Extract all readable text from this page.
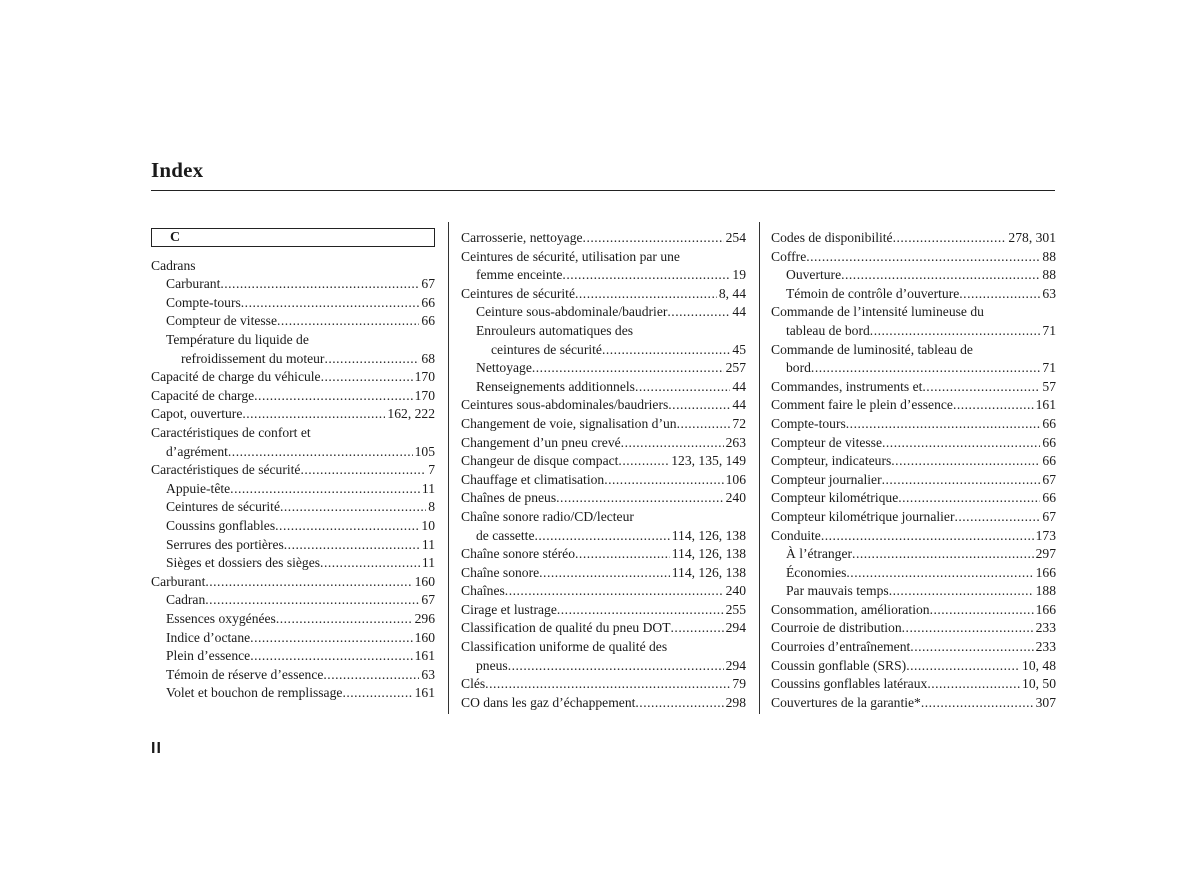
Index
C
Cadrans
Carburant .....	67
Compte-tours .....	66
Compteur de vitesse .....	66
Température du liquide de
refroidissement du moteur .....	68
Capacité de charge du véhicule .....	170
Capacité de charge .....	170
Capot, ouverture .....	162, 222
Caractéristiques de confort et
d’agrément .....	105
Caractéristiques de sécurité .....	7
Appuie-tête .....	11
Ceintures de sécurité .....	8
Coussins gonflables .....	10
Serrures des portières .....	11
Sièges et dossiers des sièges .....	11
Carburant .....	160
Cadran .....	67
Essences oxygénées .....	296
Indice d’octane .....	160
Plein d’essence .....	161
Témoin de réserve d’essence .....	63
Volet et bouchon de remplissage .....	161
Carrosserie, nettoyage .....	254
Ceintures de sécurité, utilisation par une
femme enceinte .....	19
Ceintures de sécurité .....	8, 44
Ceinture sous-abdominale/baudrier .....	44
Enrouleurs automatiques des
ceintures de sécurité .....	45
Nettoyage .....	257
Renseignements additionnels .....	44
Ceintures sous-abdominales/baudriers .....	44
Changement de voie, signalisation d’un .....	72
Changement d’un pneu crevé .....	263
Changeur de disque compact .....	123, 135, 149
Chauffage et climatisation .....	106
Chaînes de pneus .....	240
Chaîne sonore radio/CD/lecteur
de cassette .....	114, 126, 138
Chaîne sonore stéréo .....	114, 126, 138
Chaîne sonore .....	114, 126, 138
Chaînes .....	240
Cirage et lustrage .....	255
Classification de qualité du pneu DOT .....	294
Classification uniforme de qualité des
pneus .....	294
Clés .....	79
CO dans les gaz d’échappement .....	298
Codes de disponibilité .....	278, 301
Coffre .....	88
Ouverture .....	88
Témoin de contrôle d’ouverture .....	63
Commande de l’intensité lumineuse du
tableau de bord .....	71
Commande de luminosité, tableau de
bord .....	71
Commandes, instruments et .....	57
Comment faire le plein d’essence .....	161
Compte-tours .....	66
Compteur de vitesse .....	66
Compteur, indicateurs .....	66
Compteur journalier .....	67
Compteur kilométrique .....	66
Compteur kilométrique journalier .....	67
Conduite .....	173
À l’étranger .....	297
Économies .....	166
Par mauvais temps .....	188
Consommation, amélioration .....	166
Courroie de distribution .....	233
Courroies d’entraînement .....	233
Coussin gonflable (SRS) .....	10, 48
Coussins gonflables latéraux .....	10, 50
Couvertures de la garantie* .....	307
II
